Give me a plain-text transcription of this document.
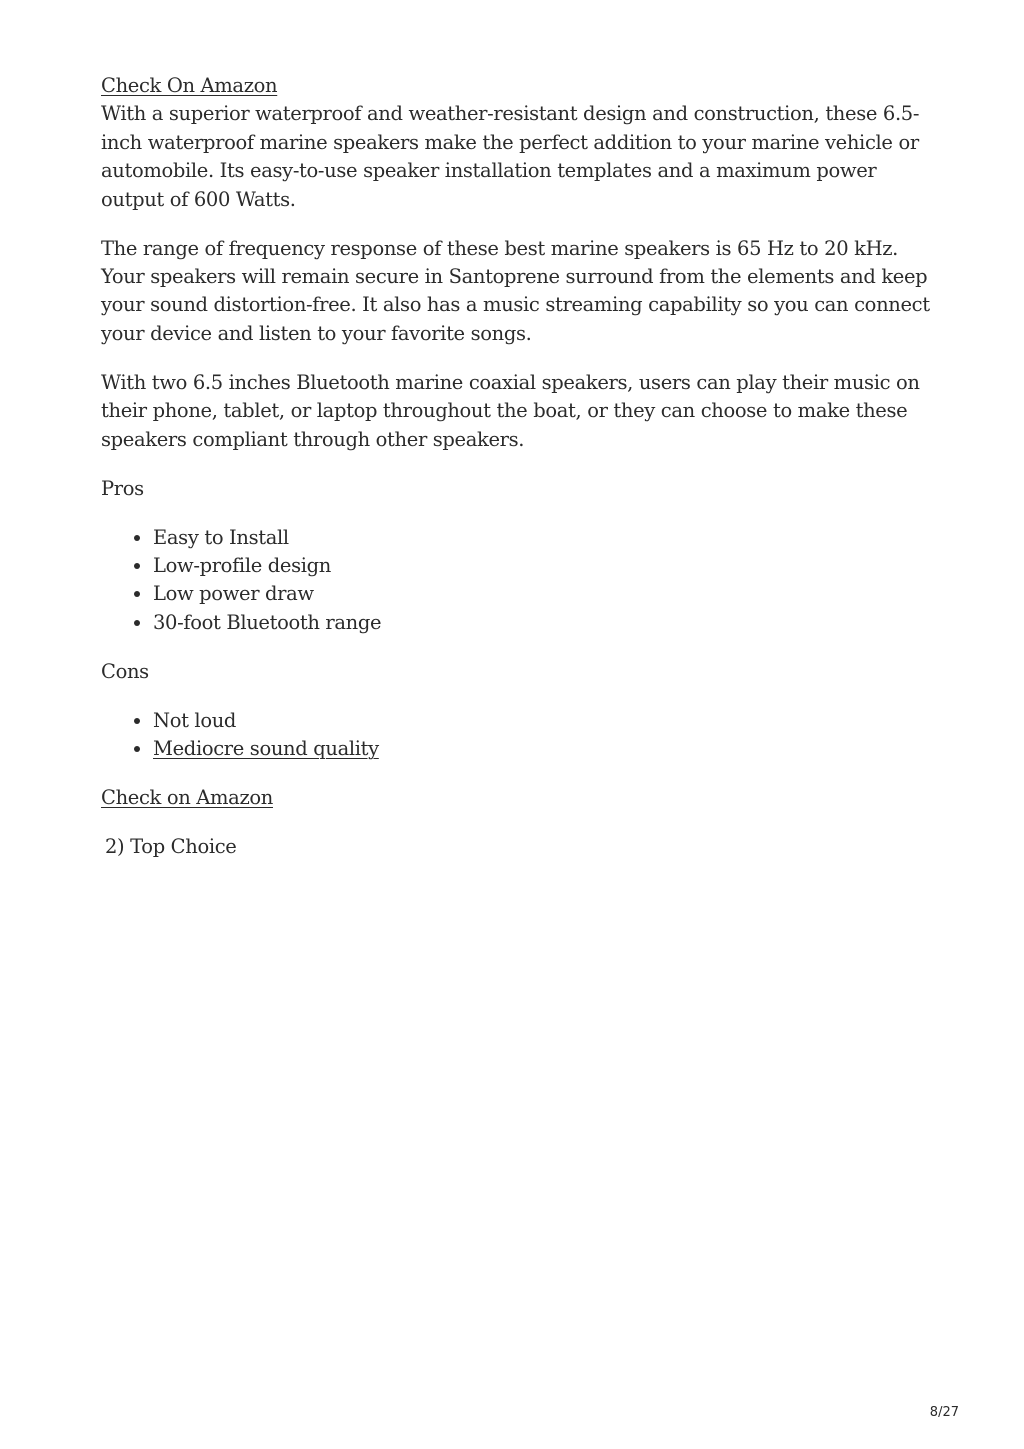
Check On Amazon

With a superior waterproof and weather-resistant design and construction, these 6.5-inch waterproof marine speakers make the perfect addition to your marine vehicle or automobile. Its easy-to-use speaker installation templates and a maximum power output of 600 Watts.

The range of frequency response of these best marine speakers is 65 Hz to 20 kHz. Your speakers will remain secure in Santoprene surround from the elements and keep your sound distortion-free. It also has a music streaming capability so you can connect your device and listen to your favorite songs.

With two 6.5 inches Bluetooth marine coaxial speakers, users can play their music on their phone, tablet, or laptop throughout the boat, or they can choose to make these speakers compliant through other speakers.

Pros

• Easy to Install
• Low-profile design
• Low power draw
• 30-foot Bluetooth range

Cons

• Not loud
• Mediocre sound quality

Check on Amazon

2) Top Choice

8/27
